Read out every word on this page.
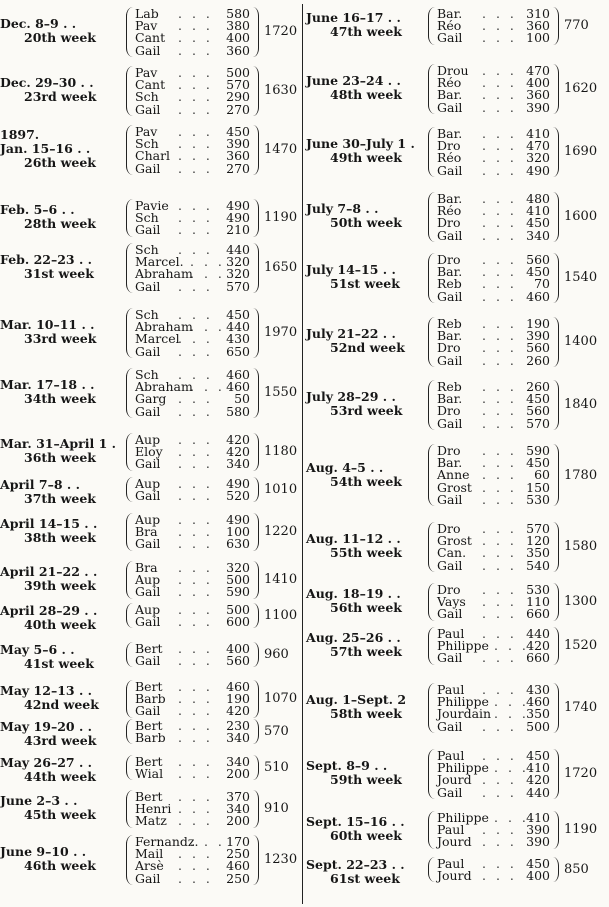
Dec. 8–9 . .
20th week
Lab . . . 580
Pav . . . 380
Cant . . . 400
Gail . . . 360
1720
Dec. 29–30 . .
23rd week
Pav . . . 500
Cant . . . 570
Sch . . . 290
Gail . . . 270
1630
1897.
Jan. 15–16 . .
26th week
Pav . . . 450
Sch . . . 390
Charl . . . 360
Gail . . . 270
1470
Feb. 5–6 . .
28th week
Pavie . . . 490
Sch . . . 490
Gail . . . 210
1190
Feb. 22–23 . .
31st week
Sch . . . 440
Marcel. . . . 320
Abraham
. . . 320
Gail . . . 570
1650
Mar. 10–11 . .
33rd week
Sch . . . 450
Abraham
. . . 440
Marcel
. . . 430
Gail . . . 650
1970
Mar. 17–18 . .
34th week
Sch . . . 460
Abraham
. . . 460
Garg . . . 50
Gail . . . 580
1550
Mar. 31–April 1 .
36th week
Aup . . . 420
Eloy . . . 420
Gail . . . 340
1180
April 7–8 . .
37th week
Aup . . . 490
Gail . . . 520 1010
April 14–15 . .
38th week
Aup . . . 490
Bra . . . 100
Gail . . . 630
1220
April 21–22 . .
39th week
Bra . . . 320
Aup . . . 500
Gail . . . 590
1410
April 28–29 . .
40th week
Aup . . . 500
Gail . . . 600 1100
May 5–6 . .
41st week
Bert . . . 400
Gail . . . 560 960
May 12–13 . .
42nd week
Bert . . . 460
Barb . . . 190
Gail . . . 420
1070
May 19–20 . .
43rd week
Bert . . . 230
Barb . . . 340 570
May 26–27 . .
44th week
Bert . . . 340
Wial . . . 200 510
June 2–3 . .
45th week
Bert . . . 370
Henri . . . 340
Matz . . . 200
910
June 9–10 . .
46th week
Fernandz.
. . . 170
Mail . . . 250
Arsè . . . 460
Gail . . . 250
1230
June 16–17 . .
47th week
Bar. . . . 310
Réo . . . 360
Gail . . . 100
770
June 23–24 . .
48th week
Drou . . . 470
Réo . . . 400
Bar. . . . 360
Gail . . . 390
1620
June 30–July 1 .
49th week
Bar. . . . 410
Dro . . . 470
Réo . . . 320
Gail . . . 490
1690
July 7–8 . .
50th week
Bar. . . . 480
Réo . . . 410
Dro . . . 450
Gail . . . 340
1600
July 14–15 . .
51st week
Dro . . . 560
Bar. . . . 450
Reb . . . 70
Gail . . . 460
1540
July 21–22 . .
52nd week
Reb . . . 190
Bar. . . . 390
Dro . . . 560
Gail . . . 260
1400
July 28–29 . .
53rd week
Reb . . . 260
Bar. . . . 450
Dro . . . 560
Gail . . . 570
1840
Aug. 4–5 . .
54th week
Dro . . . 590
Bar. . . . 450
Anne . . . 60
Grost . . . 150
Gail . . . 530
1780
Aug. 11–12 . .
55th week
Dro . . . 570
Grost . . . 120
Can. . . . 350
Gail . . . 540
1580
Aug. 18–19 . .
56th week
Dro . . . 530
Vays . . . 110
Gail . . . 660
1300
Aug. 25–26 . .
57th week
Paul . . . 440
Philippe . . .
420
Gail . . . 660
1520
Aug. 1–Sept. 2
58th week
Paul . . . 430
Philippe . . .
460
Jourdain . . .
350
Gail . . . 500
1740
Sept. 8–9 . .
59th week
Paul . . . 450
Philippe . . .
410
Jourd . . . 420
Gail . . . 440
1720
Sept. 15–16 . .
60th week
Philippe . . .
410
Paul . . . 390
Jourd . . . 390
1190
Sept. 22–23 . .
61st week
Paul . . . 450
Jourd . . . 400 850
